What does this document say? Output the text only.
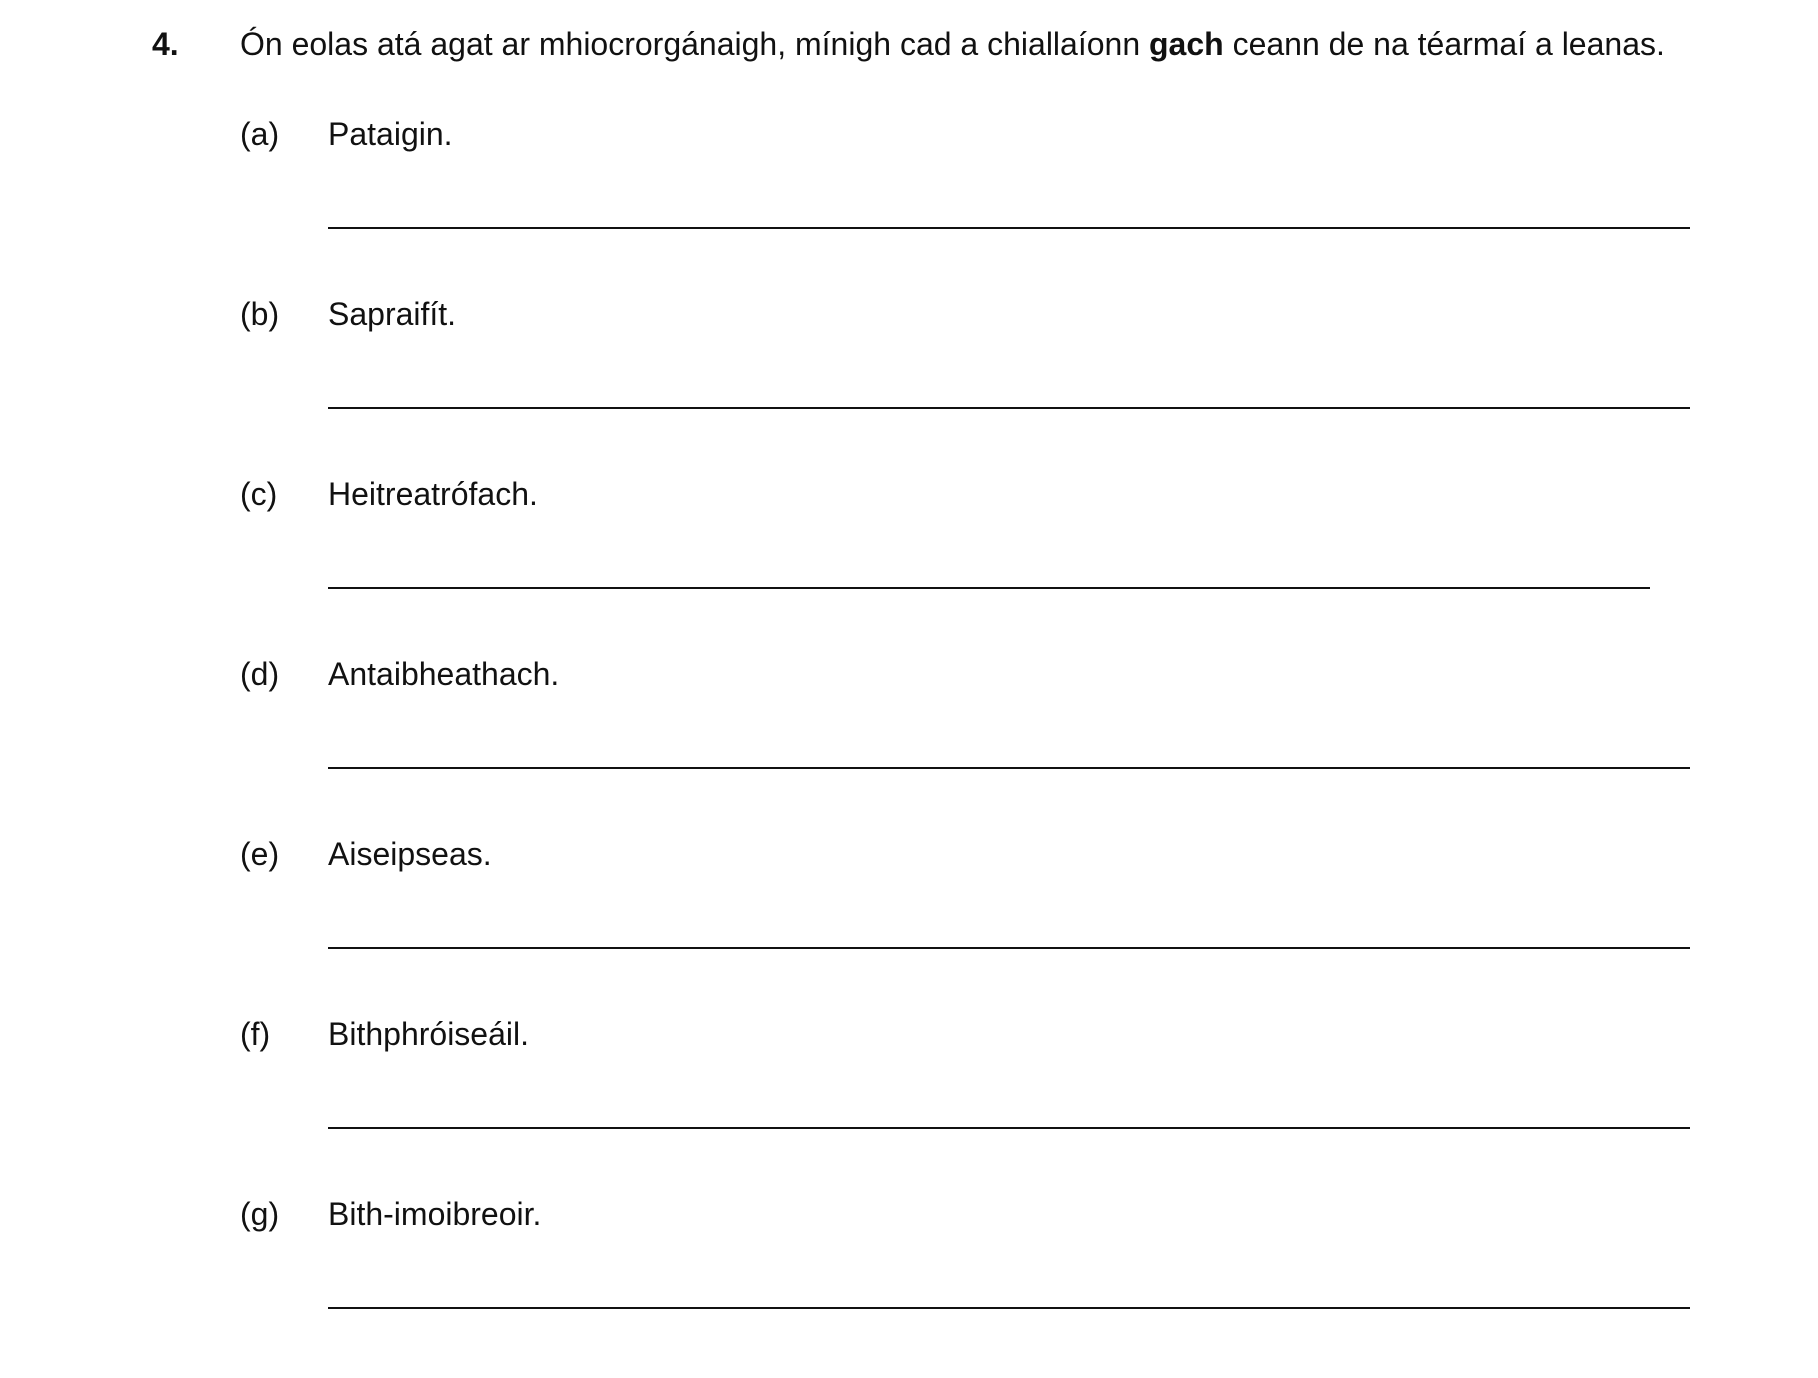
4. Ón eolas atá agat ar mhiocrorgánaigh, mínigh cad a chiallaíonn gach ceann de na téarmaí a leanas.
(a) Pataigin.
(b) Sapraifít.
(c) Heitreatrófach.
(d) Antaibheathach.
(e) Aiseipseas.
(f) Bithphróiseáil.
(g) Bith-imoibreoir.
